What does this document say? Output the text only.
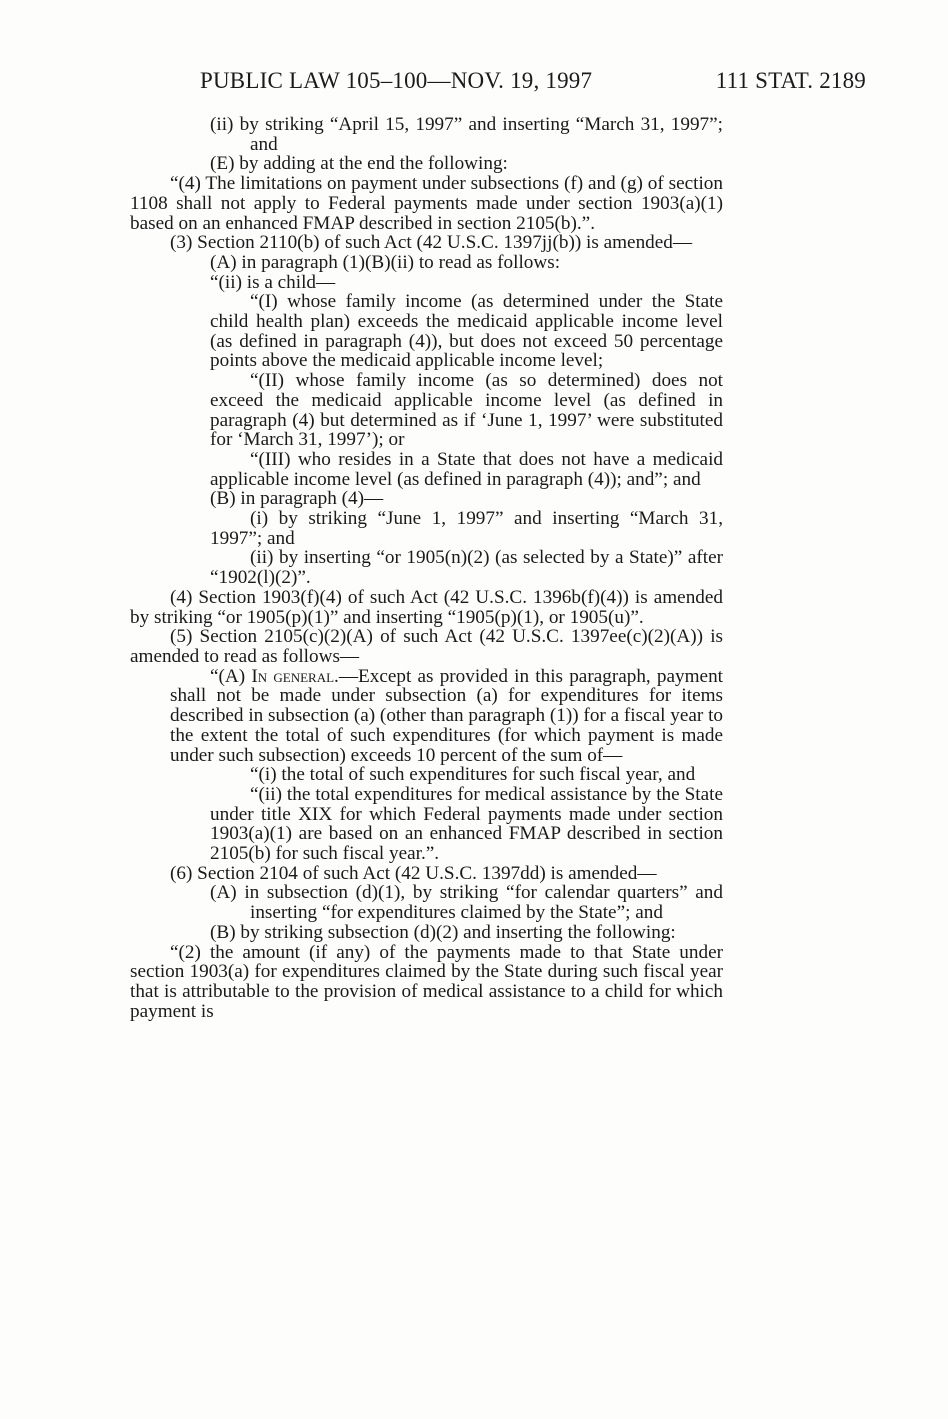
PUBLIC LAW 105–100—NOV. 19, 1997	111 STAT. 2189

(ii) by striking “April 15, 1997” and inserting “March 31, 1997”; and

(E) by adding at the end the following:

“(4) The limitations on payment under subsections (f) and (g) of section 1108 shall not apply to Federal payments made under section 1903(a)(1) based on an enhanced FMAP described in section 2105(b).”.

(3) Section 2110(b) of such Act (42 U.S.C. 1397jj(b)) is amended—

(A) in paragraph (1)(B)(ii) to read as follows:

“(ii) is a child—

“(I) whose family income (as determined under the State child health plan) exceeds the medicaid applicable income level (as defined in paragraph (4)), but does not exceed 50 percentage points above the medicaid applicable income level;

“(II) whose family income (as so determined) does not exceed the medicaid applicable income level (as defined in paragraph (4) but determined as if ‘June 1, 1997’ were substituted for ‘March 31, 1997’); or

“(III) who resides in a State that does not have a medicaid applicable income level (as defined in paragraph (4)); and”; and

(B) in paragraph (4)—

(i) by striking “June 1, 1997” and inserting “March 31, 1997”; and

(ii) by inserting “or 1905(n)(2) (as selected by a State)” after “1902(l)(2)”.

(4) Section 1903(f)(4) of such Act (42 U.S.C. 1396b(f)(4)) is amended by striking “or 1905(p)(1)” and inserting “1905(p)(1), or 1905(u)”.

(5) Section 2105(c)(2)(A) of such Act (42 U.S.C. 1397ee(c)(2)(A)) is amended to read as follows—

“(A) In general.—Except as provided in this paragraph, payment shall not be made under subsection (a) for expenditures for items described in subsection (a) (other than paragraph (1)) for a fiscal year to the extent the total of such expenditures (for which payment is made under such subsection) exceeds 10 percent of the sum of—

“(i) the total of such expenditures for such fiscal year, and

“(ii) the total expenditures for medical assistance by the State under title XIX for which Federal payments made under section 1903(a)(1) are based on an enhanced FMAP described in section 2105(b) for such fiscal year.”.

(6) Section 2104 of such Act (42 U.S.C. 1397dd) is amended—

(A) in subsection (d)(1), by striking “for calendar quarters” and inserting “for expenditures claimed by the State”; and

(B) by striking subsection (d)(2) and inserting the following:

“(2) the amount (if any) of the payments made to that State under section 1903(a) for expenditures claimed by the State during such fiscal year that is attributable to the provision of medical assistance to a child for which payment is
